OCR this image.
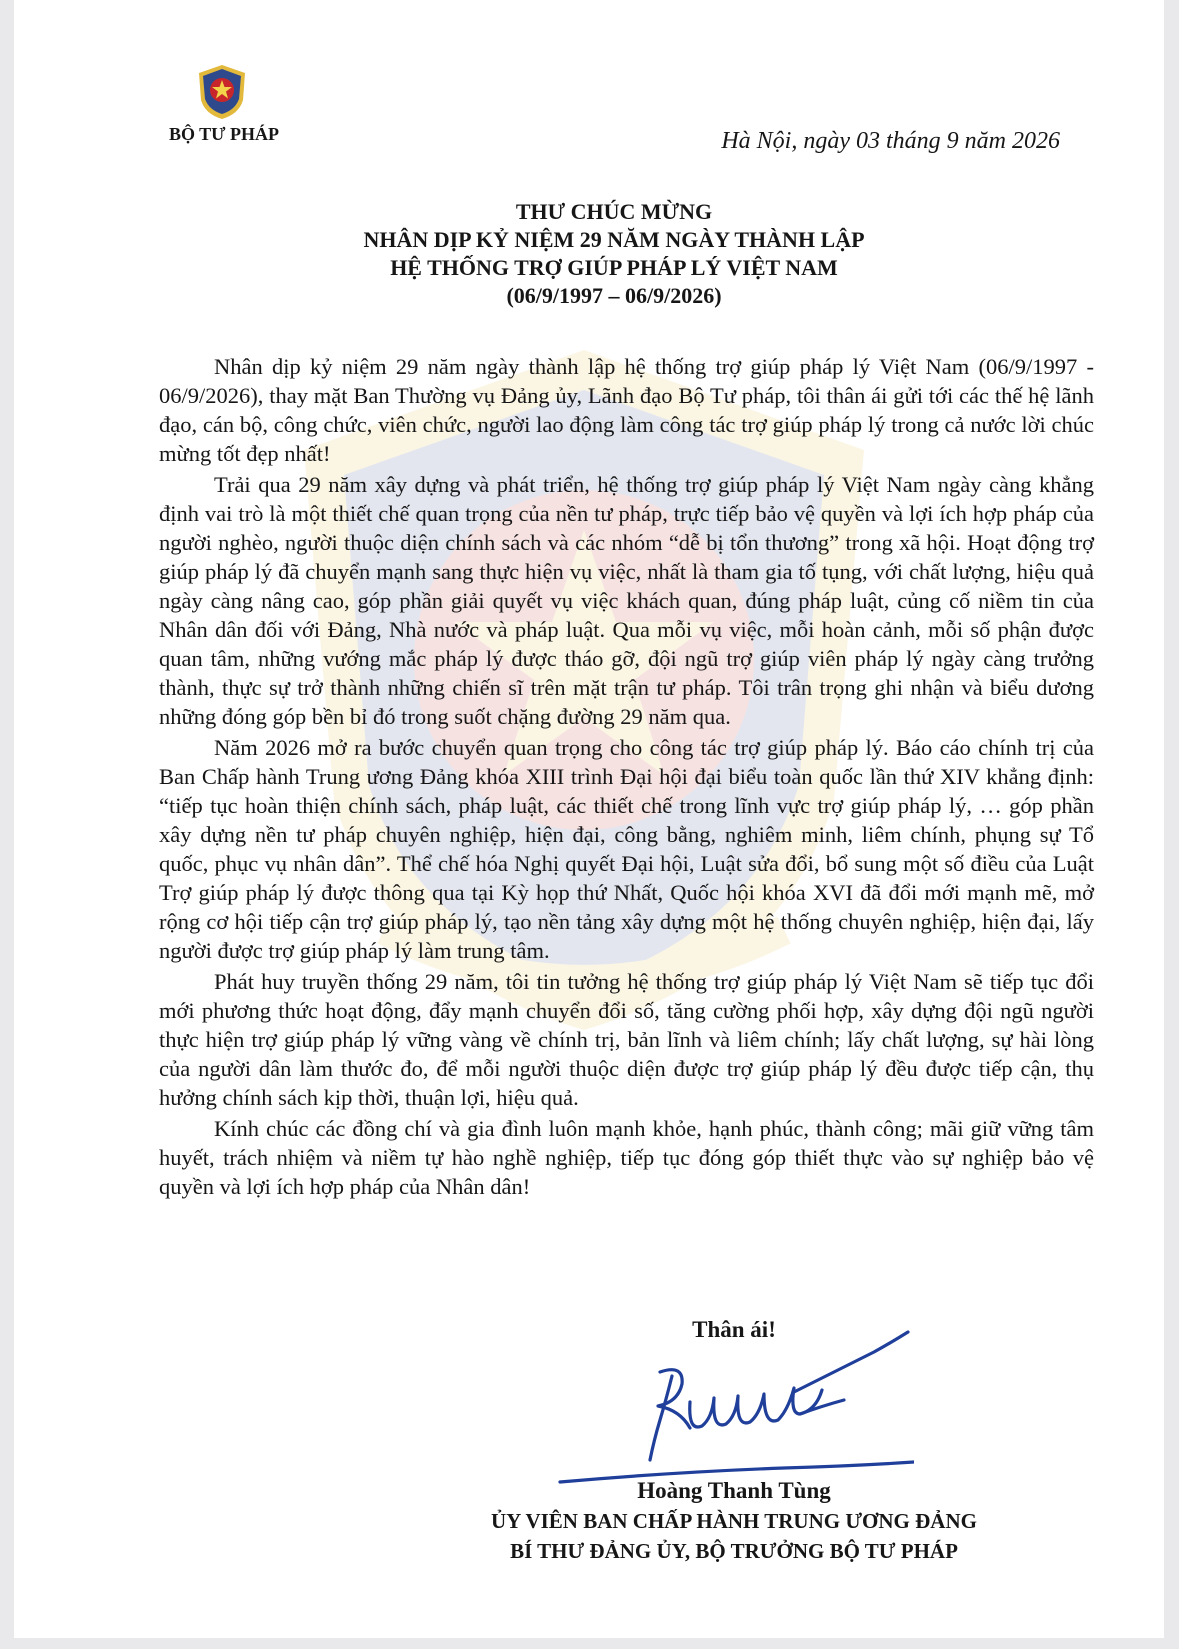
BỘ TƯ PHÁP	Hà Nội, ngày 03 tháng 9 năm 2026
THƯ CHÚC MỪNG
NHÂN DỊP KỶ NIỆM 29 NĂM NGÀY THÀNH LẬP
HỆ THỐNG TRỢ GIÚP PHÁP LÝ VIỆT NAM
(06/9/1997 – 06/9/2026)

Nhân dịp kỷ niệm 29 năm ngày thành lập hệ thống trợ giúp pháp lý Việt Nam (06/9/1997 - 06/9/2026), thay mặt Ban Thường vụ Đảng ủy, Lãnh đạo Bộ Tư pháp, tôi thân ái gửi tới các thế hệ lãnh đạo, cán bộ, công chức, viên chức, người lao động làm công tác trợ giúp pháp lý trong cả nước lời chúc mừng tốt đẹp nhất!

Trải qua 29 năm xây dựng và phát triển, hệ thống trợ giúp pháp lý Việt Nam ngày càng khẳng định vai trò là một thiết chế quan trọng của nền tư pháp, trực tiếp bảo vệ quyền và lợi ích hợp pháp của người nghèo, người thuộc diện chính sách và các nhóm “dễ bị tổn thương” trong xã hội. Hoạt động trợ giúp pháp lý đã chuyển mạnh sang thực hiện vụ việc, nhất là tham gia tố tụng, với chất lượng, hiệu quả ngày càng nâng cao, góp phần giải quyết vụ việc khách quan, đúng pháp luật, củng cố niềm tin của Nhân dân đối với Đảng, Nhà nước và pháp luật. Qua mỗi vụ việc, mỗi hoàn cảnh, mỗi số phận được quan tâm, những vướng mắc pháp lý được tháo gỡ, đội ngũ trợ giúp viên pháp lý ngày càng trưởng thành, thực sự trở thành những chiến sĩ trên mặt trận tư pháp. Tôi trân trọng ghi nhận và biểu dương những đóng góp bền bỉ đó trong suốt chặng đường 29 năm qua.

Năm 2026 mở ra bước chuyển quan trọng cho công tác trợ giúp pháp lý. Báo cáo chính trị của Ban Chấp hành Trung ương Đảng khóa XIII trình Đại hội đại biểu toàn quốc lần thứ XIV khẳng định: “tiếp tục hoàn thiện chính sách, pháp luật, các thiết chế trong lĩnh vực trợ giúp pháp lý, … góp phần xây dựng nền tư pháp chuyên nghiệp, hiện đại, công bằng, nghiêm minh, liêm chính, phụng sự Tổ quốc, phục vụ nhân dân”. Thể chế hóa Nghị quyết Đại hội, Luật sửa đổi, bổ sung một số điều của Luật Trợ giúp pháp lý được thông qua tại Kỳ họp thứ Nhất, Quốc hội khóa XVI đã đổi mới mạnh mẽ, mở rộng cơ hội tiếp cận trợ giúp pháp lý, tạo nền tảng xây dựng một hệ thống chuyên nghiệp, hiện đại, lấy người được trợ giúp pháp lý làm trung tâm.

Phát huy truyền thống 29 năm, tôi tin tưởng hệ thống trợ giúp pháp lý Việt Nam sẽ tiếp tục đổi mới phương thức hoạt động, đẩy mạnh chuyển đổi số, tăng cường phối hợp, xây dựng đội ngũ người thực hiện trợ giúp pháp lý vững vàng về chính trị, bản lĩnh và liêm chính; lấy chất lượng, sự hài lòng của người dân làm thước đo, để mỗi người thuộc diện được trợ giúp pháp lý đều được tiếp cận, thụ hưởng chính sách kịp thời, thuận lợi, hiệu quả.

Kính chúc các đồng chí và gia đình luôn mạnh khỏe, hạnh phúc, thành công; mãi giữ vững tâm huyết, trách nhiệm và niềm tự hào nghề nghiệp, tiếp tục đóng góp thiết thực vào sự nghiệp bảo vệ quyền và lợi ích hợp pháp của Nhân dân!

Thân ái!
Hoàng Thanh Tùng
ỦY VIÊN BAN CHẤP HÀNH TRUNG ƯƠNG ĐẢNG
BÍ THƯ ĐẢNG ỦY, BỘ TRƯỞNG BỘ TƯ PHÁP
